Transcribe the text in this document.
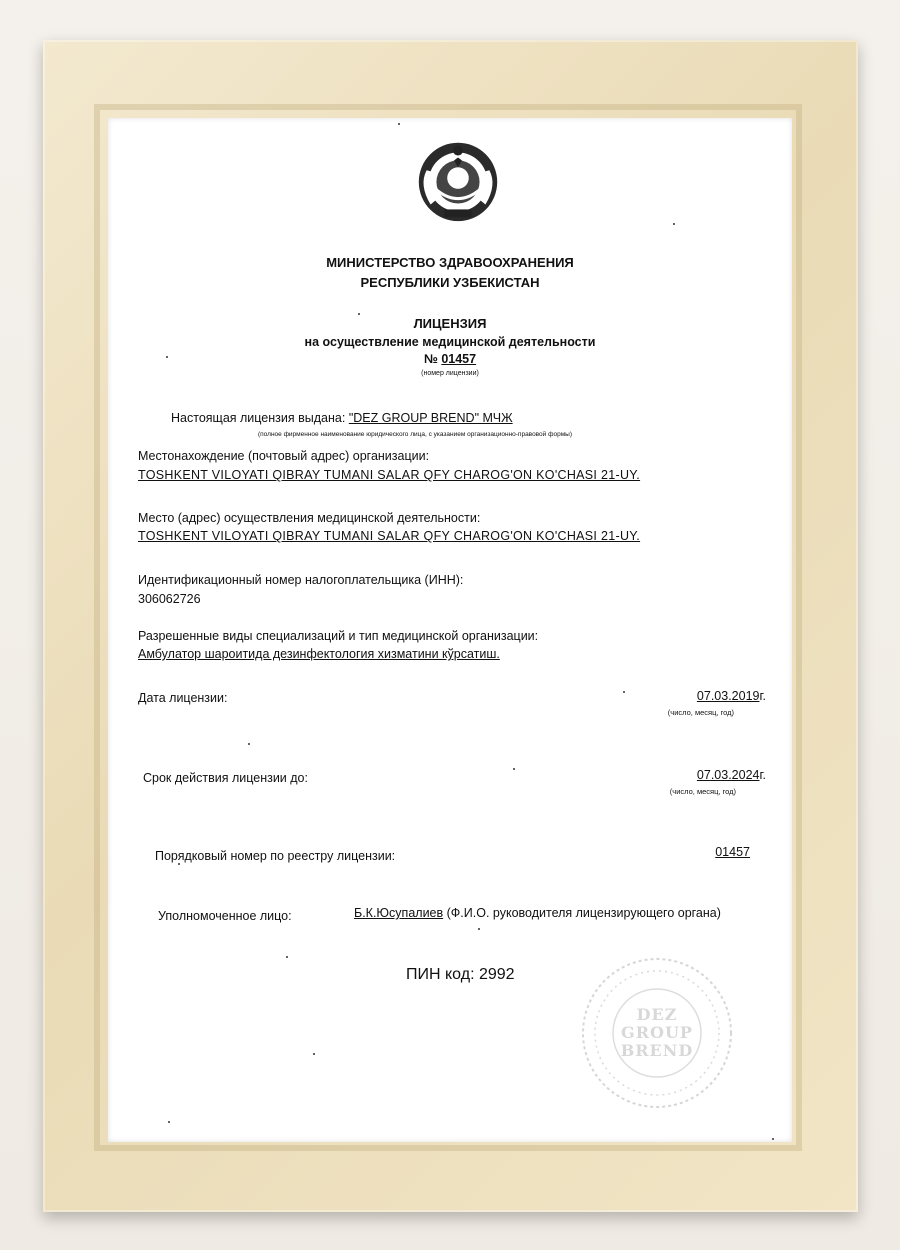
МИНИСТЕРСТВО ЗДРАВООХРАНЕНИЯ
РЕСПУБЛИКИ УЗБЕКИСТАН
ЛИЦЕНЗИЯ
на осуществление медицинской деятельности
№ 01457
(номер лицензии)
Настоящая лицензия выдана: "DEZ GROUP BREND" МЧЖ
(полное фирменное наименование юридического лица, с указанием организационно-правовой формы)
Местонахождение (почтовый адрес) организации:
TOSHKENT VILOYATI QIBRAY TUMANI SALAR QFY CHAROG'ON KO'CHASI 21-UY.
Место (адрес) осуществления медицинской деятельности:
TOSHKENT VILOYATI QIBRAY TUMANI SALAR QFY CHAROG'ON KO'CHASI 21-UY.
Идентификационный номер налогоплательщика (ИНН):
306062726
Разрешенные виды специализаций и тип медицинской организации:
Амбулатор шароитида дезинфектология хизматини кўрсатиш.
Дата лицензии:	07.03.2019г.
(число, месяц, год)
Срок действия лицензии до:	07.03.2024г.
(число, месяц, год)
Порядковый номер по реестру лицензии:	01457
Уполномоченное лицо:	Б.К.Юсупалиев (Ф.И.О. руководителя лицензирующего органа)
ПИН код: 2992
DEZ
GROUP
BREND
